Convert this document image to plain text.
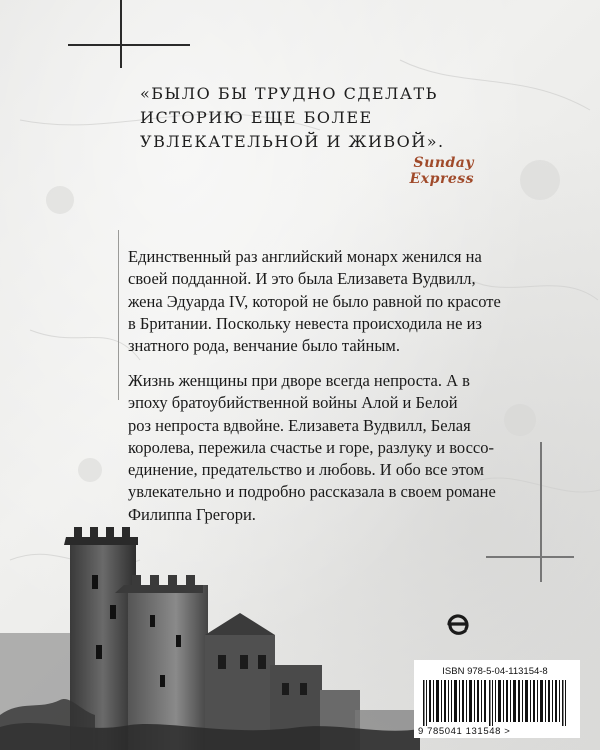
«БЫЛО БЫ ТРУДНО СДЕЛАТЬ
ИСТОРИЮ ЕЩЕ БОЛЕЕ
УВЛЕКАТЕЛЬНОЙ И ЖИВОЙ».
Sunday Express
Единственный раз английский монарх женился на
своей подданной. И это была Елизавета Вудвилл,
жена Эдуарда IV, которой не было равной по красоте
в Британии. Поскольку невеста происходила не из
знатного рода, венчание было тайным.
Жизнь женщины при дворе всегда непроста. А в
эпоху братоубийственной войны Алой и Белой
роз непроста вдвойне. Елизавета Вудвилл, Белая
королева, пережила счастье и горе, разлуку и воссо-
единение, предательство и любовь. И обо все этом
увлекательно и подробно рассказала в своем романе
Филиппа Грегори.
ISBN 978-5-04-113154-8
9 785041 131548 >
